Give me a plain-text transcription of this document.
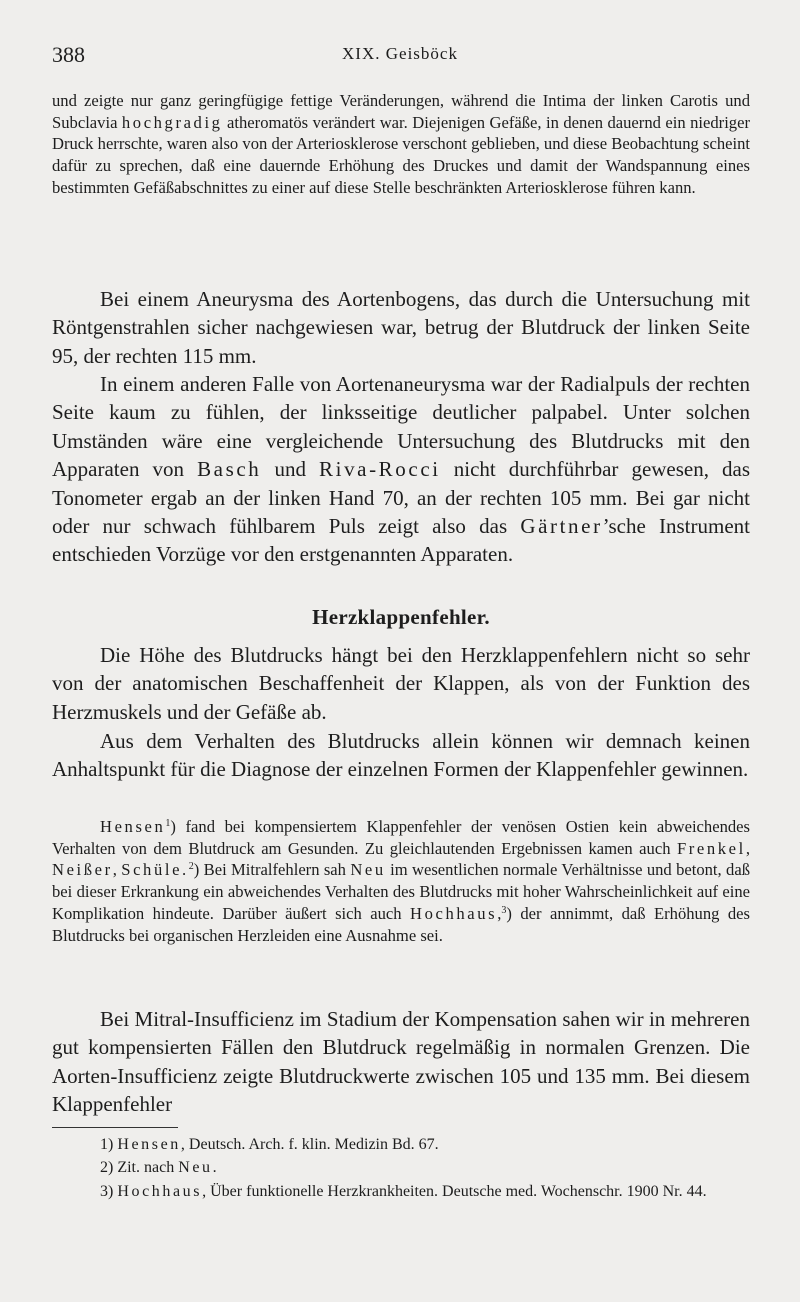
388	XIX. Geisböck

und zeigte nur ganz geringfügige fettige Veränderungen, während die Intima der linken Carotis und Subclavia hochgradig atheromatös verändert war. Diejenigen Gefäße, in denen dauernd ein niedriger Druck herrschte, waren also von der Arteriosklerose verschont geblieben, und diese Beobachtung scheint dafür zu sprechen, daß eine dauernde Erhöhung des Druckes und damit der Wandspannung eines bestimmten Gefäßabschnittes zu einer auf diese Stelle beschränkten Arteriosklerose führen kann.

Bei einem Aneurysma des Aortenbogens, das durch die Untersuchung mit Röntgenstrahlen sicher nachgewiesen war, betrug der Blutdruck der linken Seite 95, der rechten 115 mm.

In einem anderen Falle von Aortenaneurysma war der Radialpuls der rechten Seite kaum zu fühlen, der linksseitige deutlicher palpabel. Unter solchen Umständen wäre eine vergleichende Untersuchung des Blutdrucks mit den Apparaten von Basch und Riva-Rocci nicht durchführbar gewesen, das Tonometer ergab an der linken Hand 70, an der rechten 105 mm. Bei gar nicht oder nur schwach fühlbarem Puls zeigt also das Gärtner’sche Instrument entschieden Vorzüge vor den erstgenannten Apparaten.

Herzklappenfehler.

Die Höhe des Blutdrucks hängt bei den Herzklappenfehlern nicht so sehr von der anatomischen Beschaffenheit der Klappen, als von der Funktion des Herzmuskels und der Gefäße ab.

Aus dem Verhalten des Blutdrucks allein können wir demnach keinen Anhaltspunkt für die Diagnose der einzelnen Formen der Klappenfehler gewinnen.

Hensen$^1$) fand bei kompensiertem Klappenfehler der venösen Ostien kein abweichendes Verhalten von dem Blutdruck am Gesunden. Zu gleichlautenden Ergebnissen kamen auch Frenkel, Neißer, Schüle.$^2$) Bei Mitralfehlern sah Neu im wesentlichen normale Verhältnisse und betont, daß bei dieser Erkrankung ein abweichendes Verhalten des Blutdrucks mit hoher Wahrscheinlichkeit auf eine Komplikation hindeute. Darüber äußert sich auch Hochhaus,$^3$) der annimmt, daß Erhöhung des Blutdrucks bei organischen Herzleiden eine Ausnahme sei.

Bei Mitral-Insufficienz im Stadium der Kompensation sahen wir in mehreren gut kompensierten Fällen den Blutdruck regelmäßig in normalen Grenzen. Die Aorten-Insufficienz zeigte Blutdruckwerte zwischen 105 und 135 mm. Bei diesem Klappenfehler

1) Hensen, Deutsch. Arch. f. klin. Medizin Bd. 67.
2) Zit. nach Neu.
3) Hochhaus, Über funktionelle Herzkrankheiten. Deutsche med. Wochenschr. 1900 Nr. 44.
